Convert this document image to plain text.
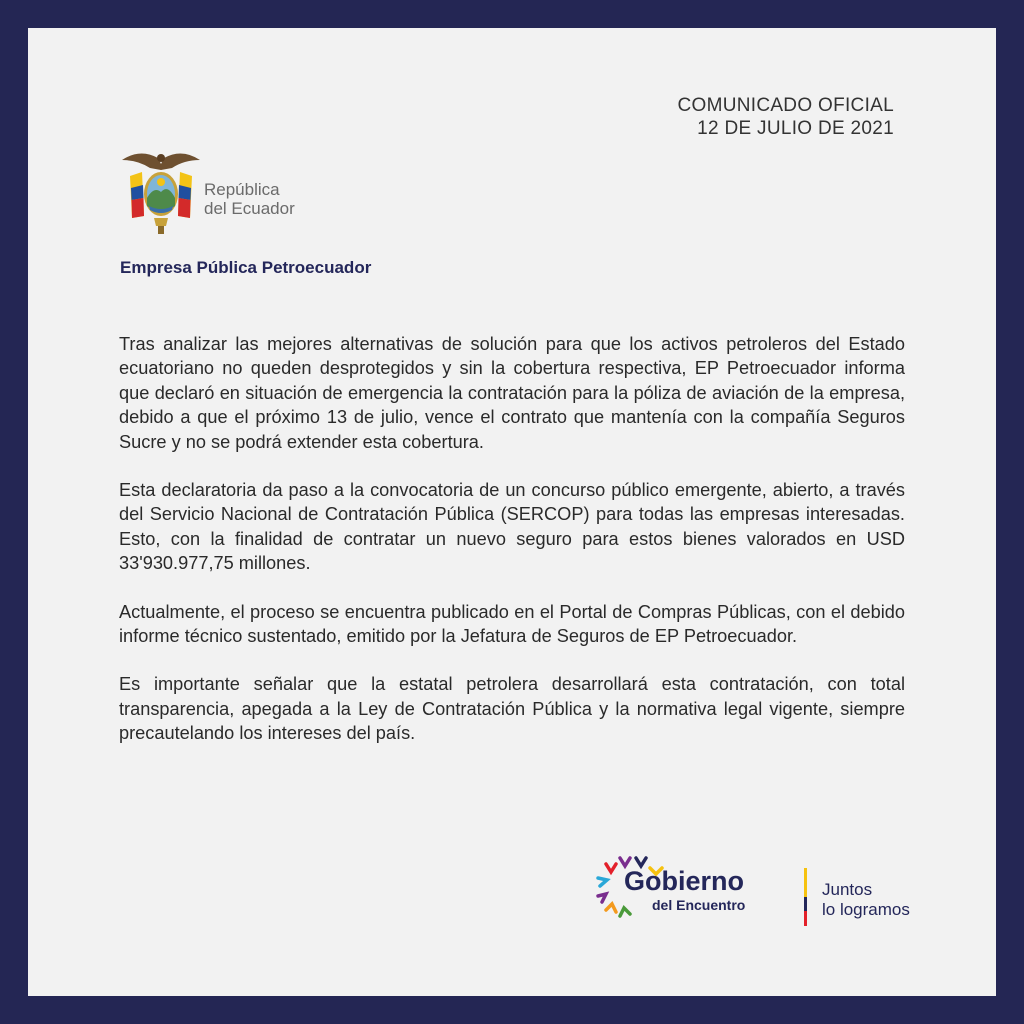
COMUNICADO OFICIAL
12 DE JULIO DE 2021
República
del Ecuador
Empresa Pública Petroecuador

Tras analizar las mejores alternativas de solución para que los activos petroleros del Estado ecuatoriano no queden desprotegidos y sin la cobertura respectiva, EP Petroecuador informa que declaró en situación de emergencia la contratación para la póliza de aviación de la empresa, debido a que el próximo 13 de julio, vence el contrato que mantenía con la compañía Seguros Sucre y no se podrá extender esta cobertura.

Esta declaratoria da paso a la convocatoria de un concurso público emergente, abierto, a través del Servicio Nacional de Contratación Pública (SERCOP) para todas las empresas interesadas. Esto, con la finalidad de contratar un nuevo seguro para estos bienes valorados en USD 33'930.977,75 millones.

Actualmente, el proceso se encuentra publicado en el Portal de Compras Públicas, con el debido informe técnico sustentado, emitido por la Jefatura de Seguros de EP Petroecuador.

Es importante señalar que la estatal petrolera desarrollará esta contratación, con total transparencia, apegada a la Ley de Contratación Pública y la normativa legal vigente, siempre precautelando los intereses del país.

Gobierno
del Encuentro
Juntos
lo logramos
